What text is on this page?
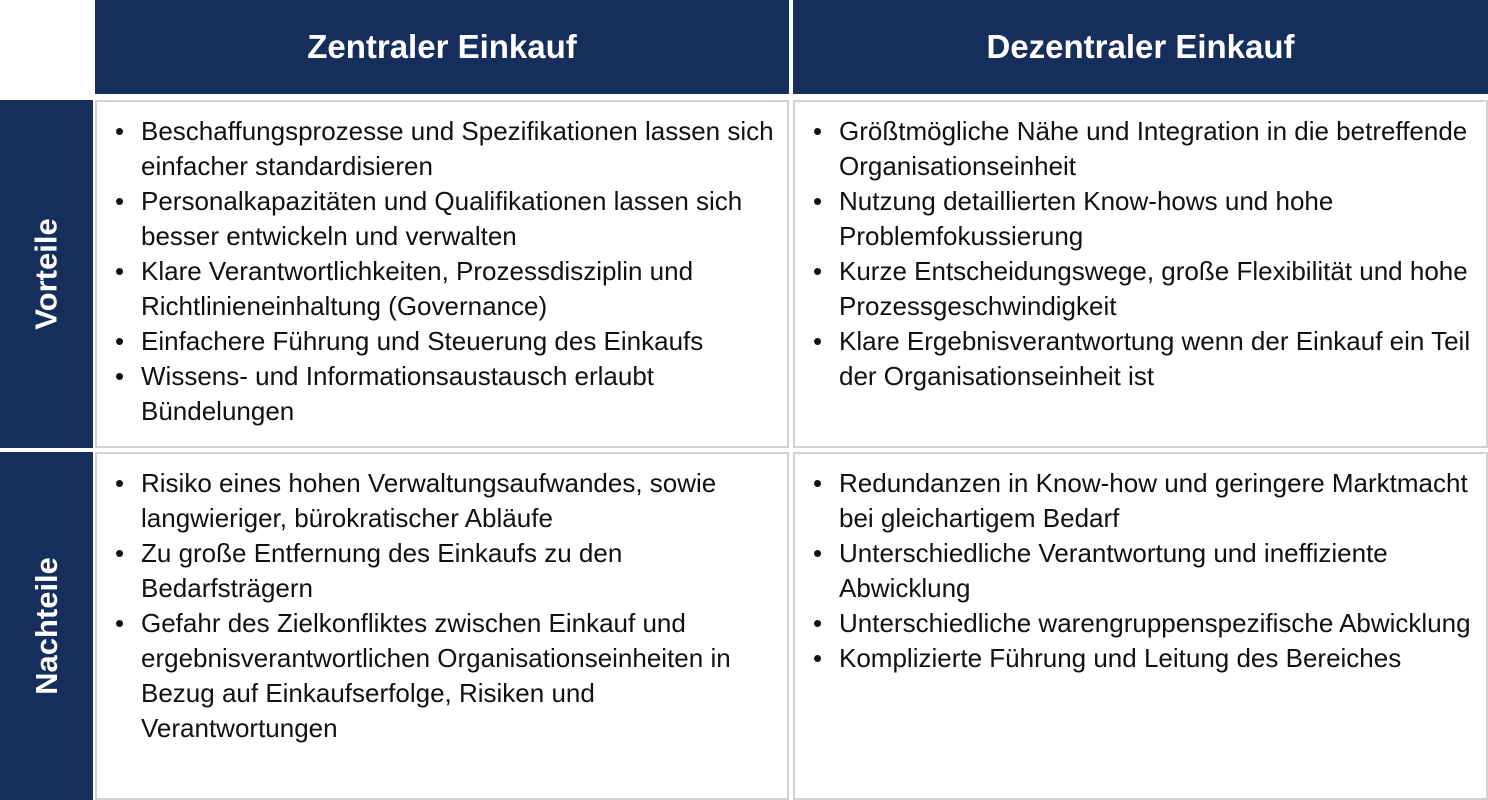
Zentraler Einkauf	Dezentraler Einkauf
Vorteile
Nachteile
• Beschaffungsprozesse und Spezifikationen lassen sich einfacher standardisieren
• Personalkapazitäten und Qualifikationen lassen sich besser entwickeln und verwalten
• Klare Verantwortlichkeiten, Prozessdisziplin und Richtlinieneinhaltung (Governance)
• Einfachere Führung und Steuerung des Einkaufs
• Wissens- und Informationsaustausch erlaubt Bündelungen
• Größtmögliche Nähe und Integration in die betreffende Organisationseinheit
• Nutzung detaillierten Know-hows und hohe Problemfokussierung
• Kurze Entscheidungswege, große Flexibilität und hohe Prozessgeschwindigkeit
• Klare Ergebnisverantwortung wenn der Einkauf ein Teil der Organisationseinheit ist
• Risiko eines hohen Verwaltungsaufwandes, sowie langwieriger, bürokratischer Abläufe
• Zu große Entfernung des Einkaufs zu den Bedarfsträgern
• Gefahr des Zielkonfliktes zwischen Einkauf und ergebnisverantwortlichen Organisationseinheiten in Bezug auf Einkaufserfolge, Risiken und Verantwortungen
• Redundanzen in Know-how und geringere Marktmacht bei gleichartigem Bedarf
• Unterschiedliche Verantwortung und ineffiziente Abwicklung
• Unterschiedliche warengruppenspezifische Abwicklung
• Komplizierte Führung und Leitung des Bereiches
